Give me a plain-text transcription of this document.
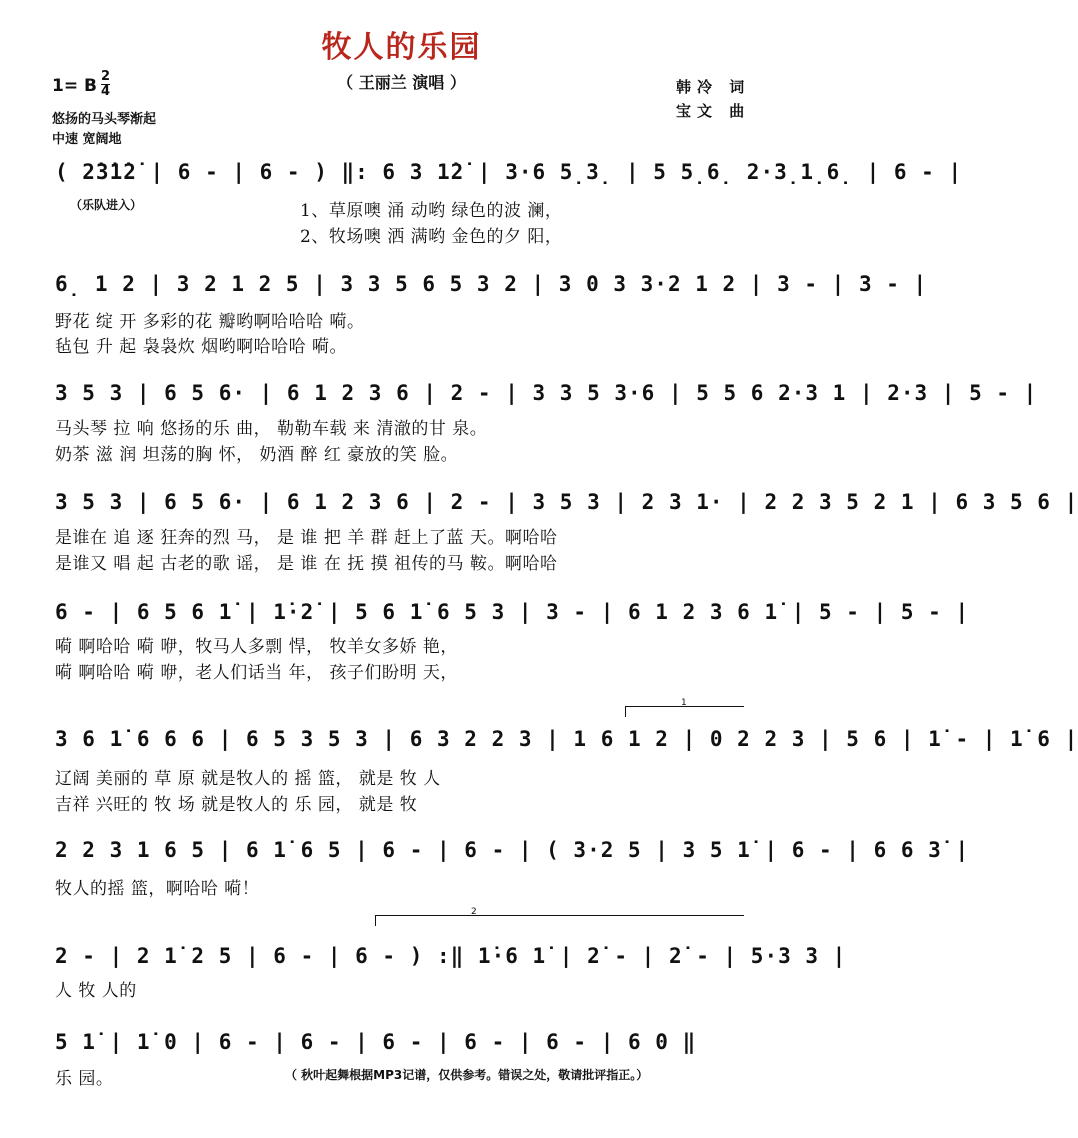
牧人的乐园
（ 王丽兰 演唱 ）
1= B 2
4
悠扬的马头琴渐起
中速 宽阔地
韩冷 词
宝文 曲
( 2̇3̇1̇2̇ | 6 - | 6 - ) ‖: 6 3 1̇2̇ | 3·6 5̣3̣ | 5 5̣6̣ 2·3̣1̣6̣ | 6 - |
（乐队进入）	1、草原噢 涌 动哟 绿色的波 澜，
2、牧场噢 洒 满哟 金色的夕 阳，
6̣ 1 2 | 3 2 1 2 5 | 3 3 5 6 5 3 2 | 3 0 3 3·2 1 2 | 3 - | 3 - |
野花 绽 开 多彩的花 瓣哟啊哈哈哈 嗬。
毡包 升 起 袅袅炊 烟哟啊哈哈哈 嗬。
3 5 3 | 6 5 6· | 6 1 2 3 6 | 2 - | 3 3 5 3·6 | 5 5 6 2·3 1 | 2·3 | 5 - |
马头琴 拉 响 悠扬的乐 曲， 勒勒车载 来 清澈的甘 泉。
奶茶 滋 润 坦荡的胸 怀， 奶酒 醉 红 豪放的笑 脸。
3 5 3 | 6 5 6· | 6 1 2 3 6 | 2 - | 3 5 3 | 2 3 1· | 2 2 3 5 2 1 | 6 3 5 6 |
是谁在 追 逐 狂奔的烈 马， 是 谁 把 羊 群 赶上了蓝 天。啊哈哈
是谁又 唱 起 古老的歌 谣， 是 谁 在 抚 摸 祖传的马 鞍。啊哈哈
6 - | 6 5 6 1̇ | 1̇·2̇ | 5 6 1̇ 6 5 3 | 3 - | 6 1 2 3 6 1̇ | 5 - | 5 - |
嗬 啊哈哈 嗬 咿，牧马人多剽 悍， 牧羊女多娇 艳，
嗬 啊哈哈 嗬 咿，老人们话当 年， 孩子们盼明 天，
1
3 6 1̇ 6 6 6 | 6 5 3 5 3 | 6 3 2 2 3 | 1 6 1 2 | 0 2 2 3 | 5 6 | 1̇ - | 1̇ 6 |
辽阔 美丽的 草 原 就是牧人的 摇 篮， 就是 牧 人
吉祥 兴旺的 牧 场 就是牧人的 乐 园， 就是 牧
2 2 3 1 6 5 | 6 1̇ 6 5 | 6 - | 6 - | ( 3·2 5 | 3 5 1̇ | 6 - | 6 6 3̇ |
牧人的摇 篮，啊哈哈 嗬！
2
2 - | 2 1̇ 2 5 | 6 - | 6 - ) :‖ 1̇·6 1̇ | 2̇ - | 2̇ - | 5·3 3 |
人 牧 人的
5 1̇ | 1̇ 0 | 6 - | 6 - | 6 - | 6 - | 6 - | 6 0 ‖
乐 园。	（ 秋叶起舞根据MP3记谱，仅供参考。错误之处，敬请批评指正。）
